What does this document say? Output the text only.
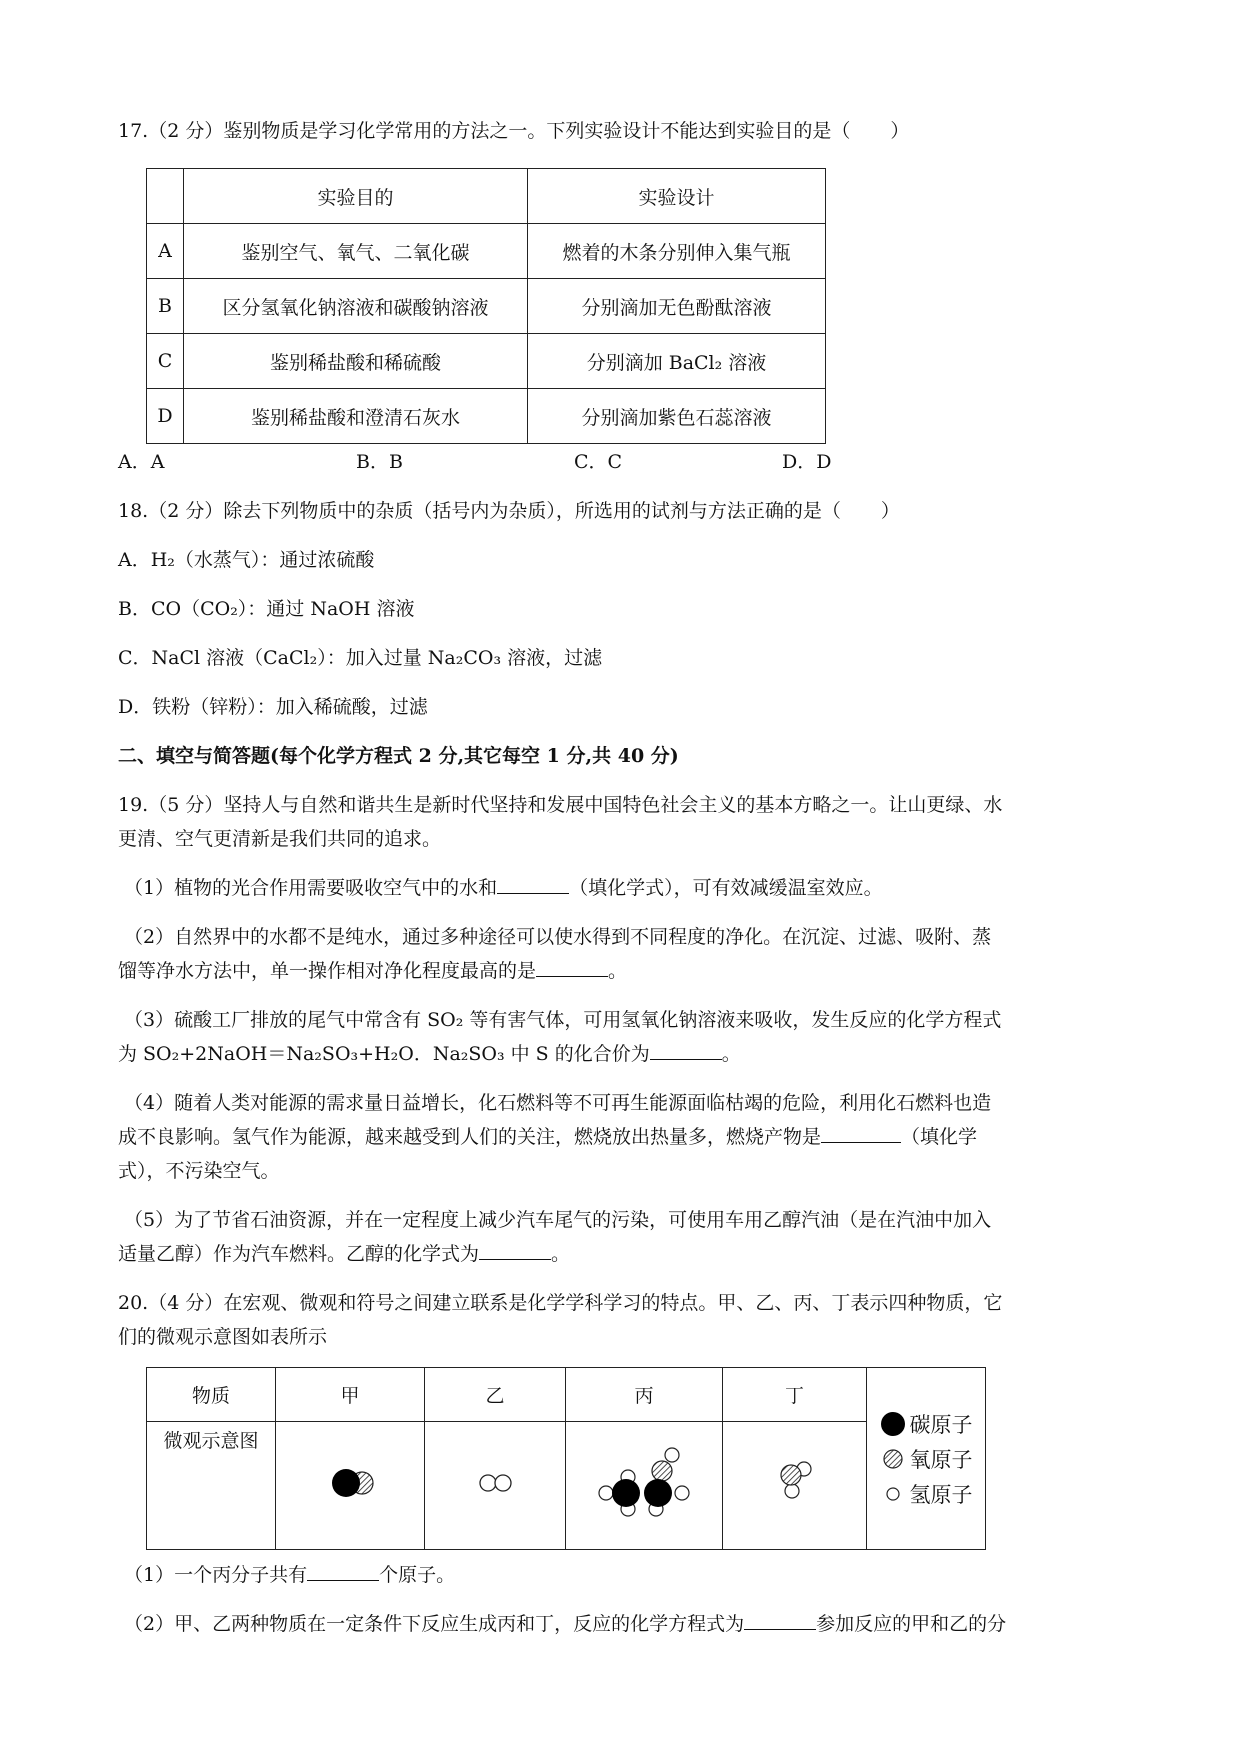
17.（2 分）鉴别物质是学习化学常用的方法之一。下列实验设计不能达到实验目的是（ ）
	实验目的	实验设计
A	鉴别空气、氧气、二氧化碳	燃着的木条分别伸入集气瓶
B	区分氢氧化钠溶液和碳酸钠溶液	分别滴加无色酚酞溶液
C	鉴别稀盐酸和稀硫酸	分别滴加 BaCl₂ 溶液
D	鉴别稀盐酸和澄清石灰水	分别滴加紫色石蕊溶液
A．A	B．B	C．C	D．D
18.（2 分）除去下列物质中的杂质（括号内为杂质），所选用的试剂与方法正确的是（ ）
A．H₂（水蒸气）：通过浓硫酸
B．CO（CO₂）：通过 NaOH 溶液
C．NaCl 溶液（CaCl₂）：加入过量 Na₂CO₃ 溶液，过滤
D．铁粉（锌粉）：加入稀硫酸，过滤
二、填空与简答题(每个化学方程式 2 分,其它每空 1 分,共 40 分)
19.（5 分）坚持人与自然和谐共生是新时代坚持和发展中国特色社会主义的基本方略之一。让山更绿、水
更清、空气更清新是我们共同的追求。
（1）植物的光合作用需要吸收空气中的水和	（填化学式），可有效减缓温室效应。
（2）自然界中的水都不是纯水，通过多种途径可以使水得到不同程度的净化。在沉淀、过滤、吸附、蒸
馏等净水方法中，单一操作相对净化程度最高的是	。
（3）硫酸工厂排放的尾气中常含有 SO₂ 等有害气体，可用氢氧化钠溶液来吸收，发生反应的化学方程式
为 SO₂+2NaOH＝Na₂SO₃+H₂O．Na₂SO₃ 中 S 的化合价为	。
（4）随着人类对能源的需求量日益增长，化石燃料等不可再生能源面临枯竭的危险，利用化石燃料也造
成不良影响。氢气作为能源，越来越受到人们的关注，燃烧放出热量多，燃烧产物是	（填化学
式），不污染空气。
（5）为了节省石油资源，并在一定程度上减少汽车尾气的污染，可使用车用乙醇汽油（是在汽油中加入
适量乙醇）作为汽车燃料。乙醇的化学式为	。
20.（4 分）在宏观、微观和符号之间建立联系是化学学科学习的特点。甲、乙、丙、丁表示四种物质，它
们的微观示意图如表所示
物质	甲	乙	丙	丁	碳原子
氧原子
氢原子

微观示意图				
（1）一个丙分子共有	个原子。
（2）甲、乙两种物质在一定条件下反应生成丙和丁，反应的化学方程式为	参加反应的甲和乙的分
